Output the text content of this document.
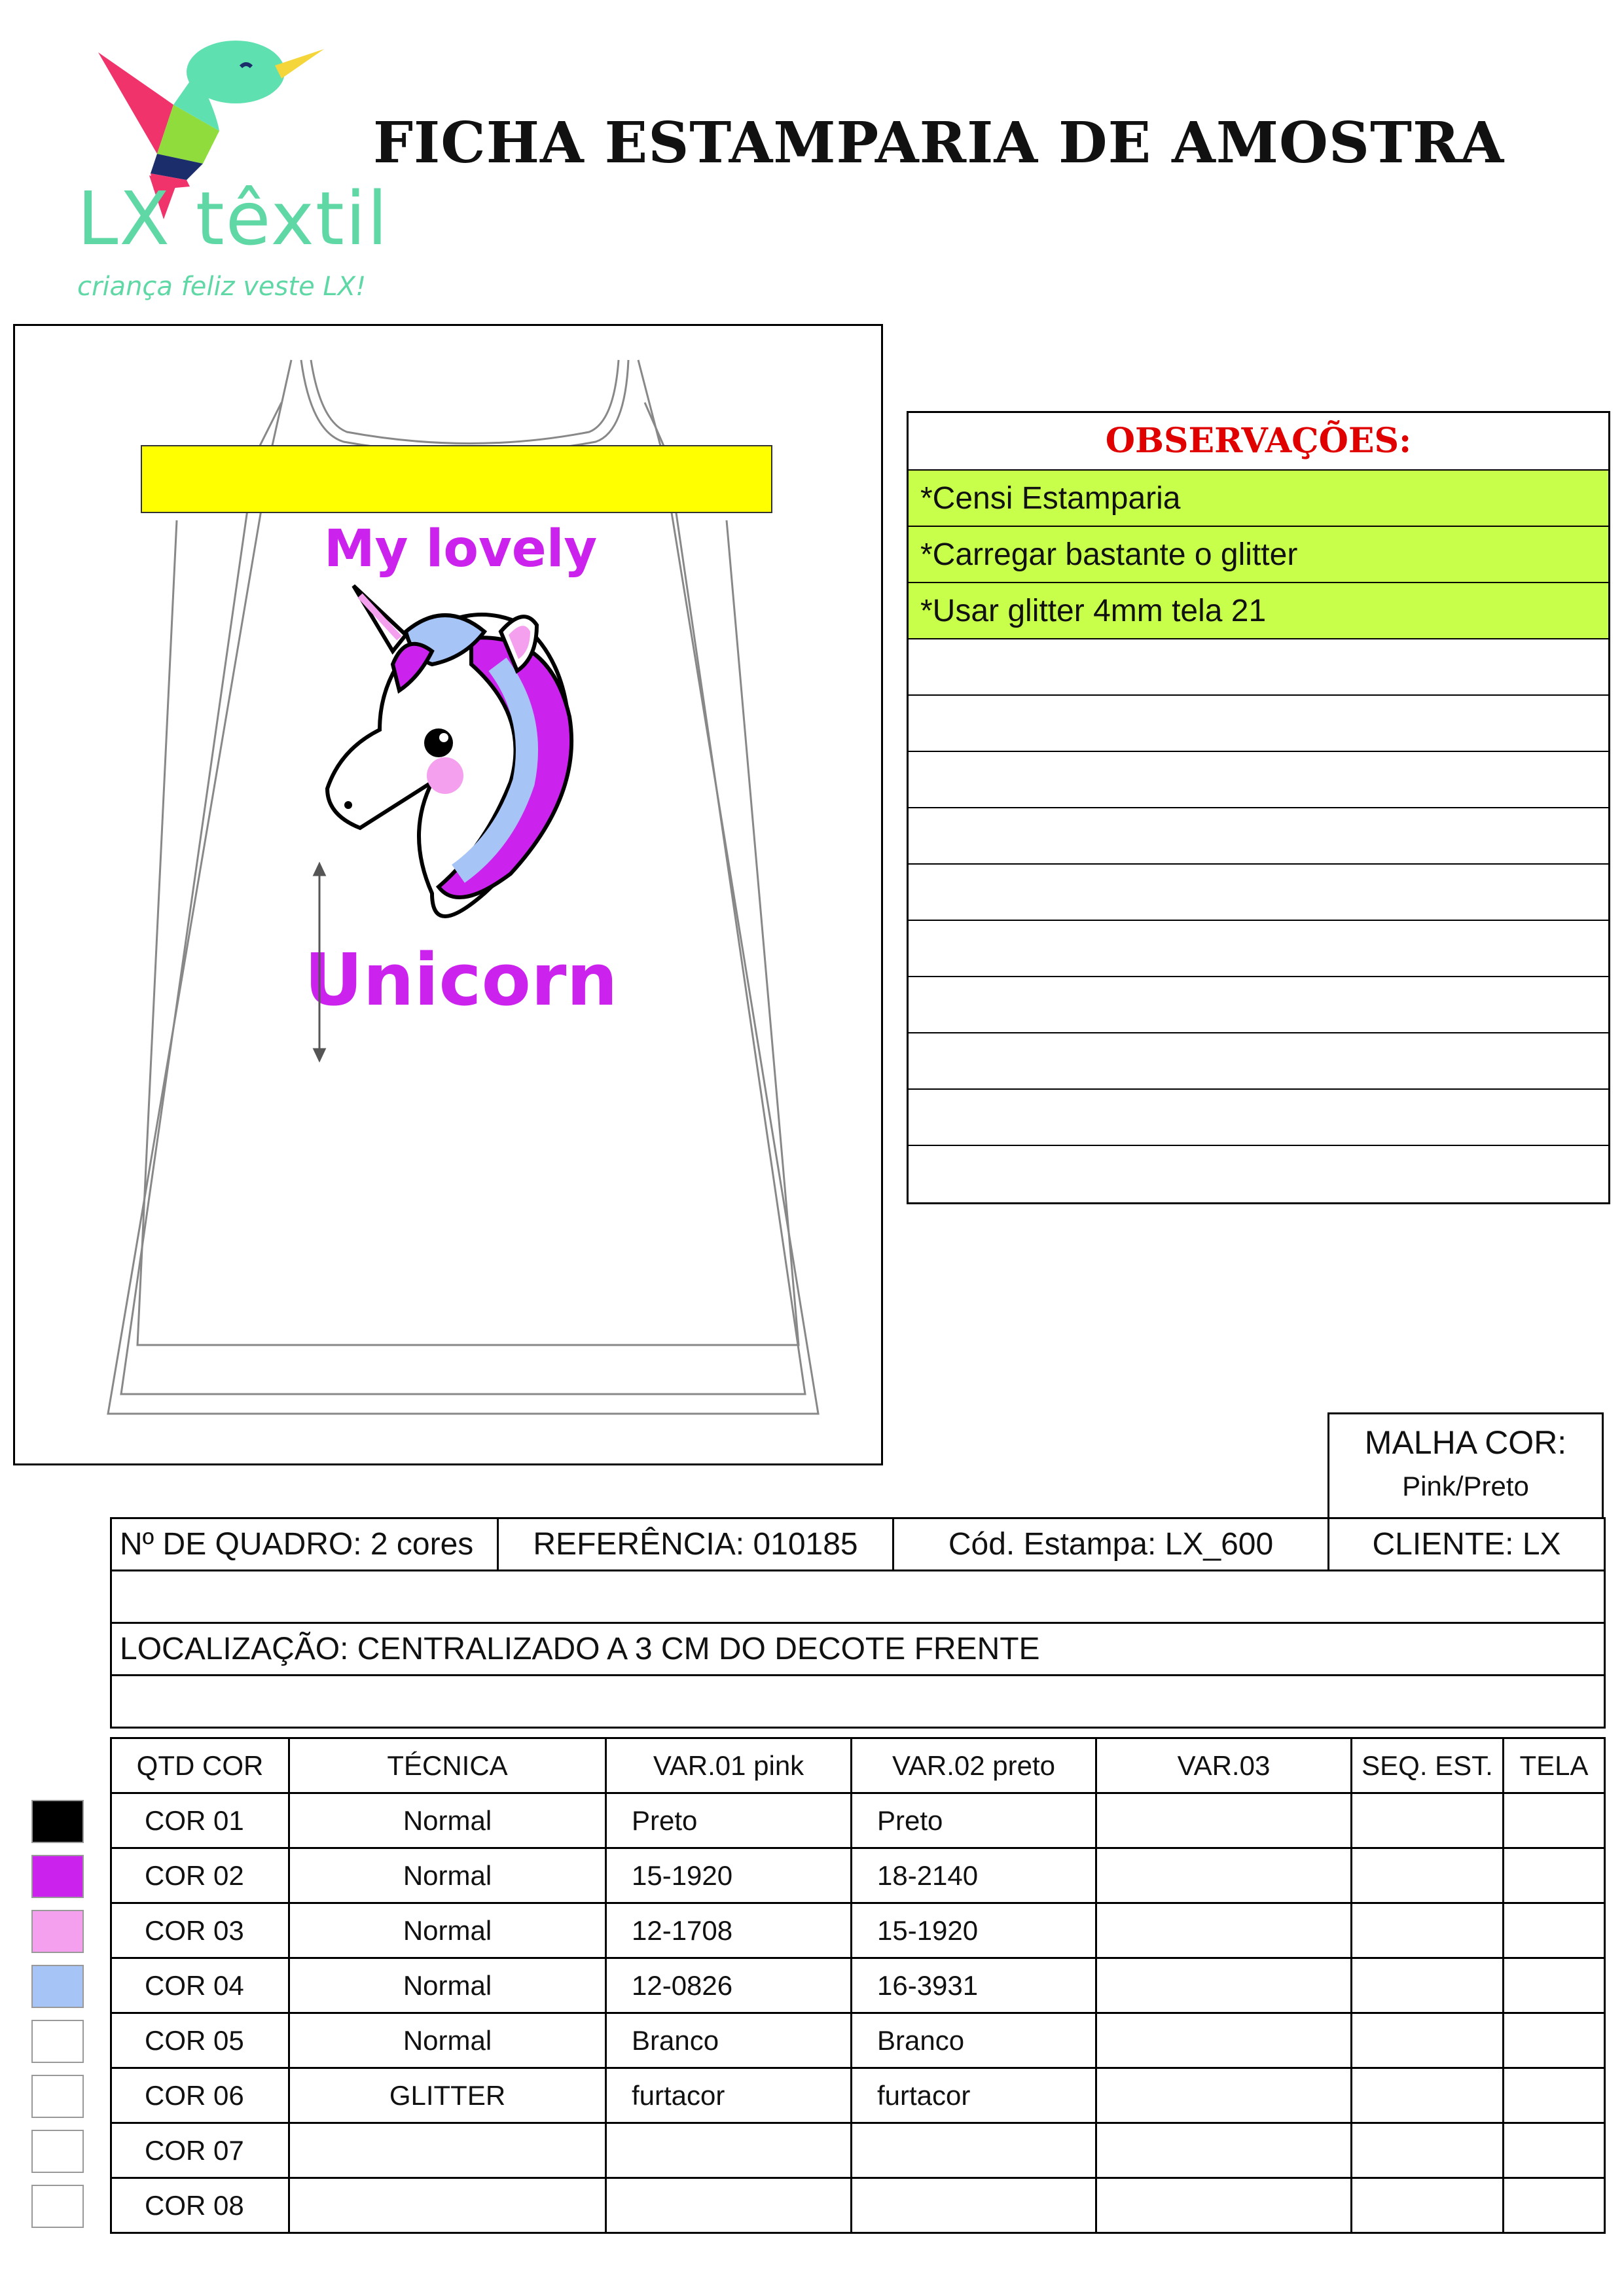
LX têxtil
criança feliz veste LX!
FICHA ESTAMPARIA DE AMOSTRA
My lovely
Unicorn
OBSERVAÇÕES:
*Censi Estamparia
*Carregar bastante o glitter
*Usar glitter 4mm tela 21
MALHA COR:
Pink/Preto
Nº DE QUADRO: 2 cores	REFERÊNCIA: 010185	Cód. Estampa: LX_600	CLIENTE: LX

LOCALIZAÇÃO: CENTRALIZADO A 3 CM DO DECOTE FRENTE

QTD COR	TÉCNICA	VAR.01 pink	VAR.02 preto	VAR.03	SEQ. EST.	TELA
COR 01	Normal	Preto	Preto			
COR 02	Normal	15-1920	18-2140			
COR 03	Normal	12-1708	15-1920			
COR 04	Normal	12-0826	16-3931			
COR 05	Normal	Branco	Branco			
COR 06	GLITTER	furtacor	furtacor			
COR 07						
COR 08						
